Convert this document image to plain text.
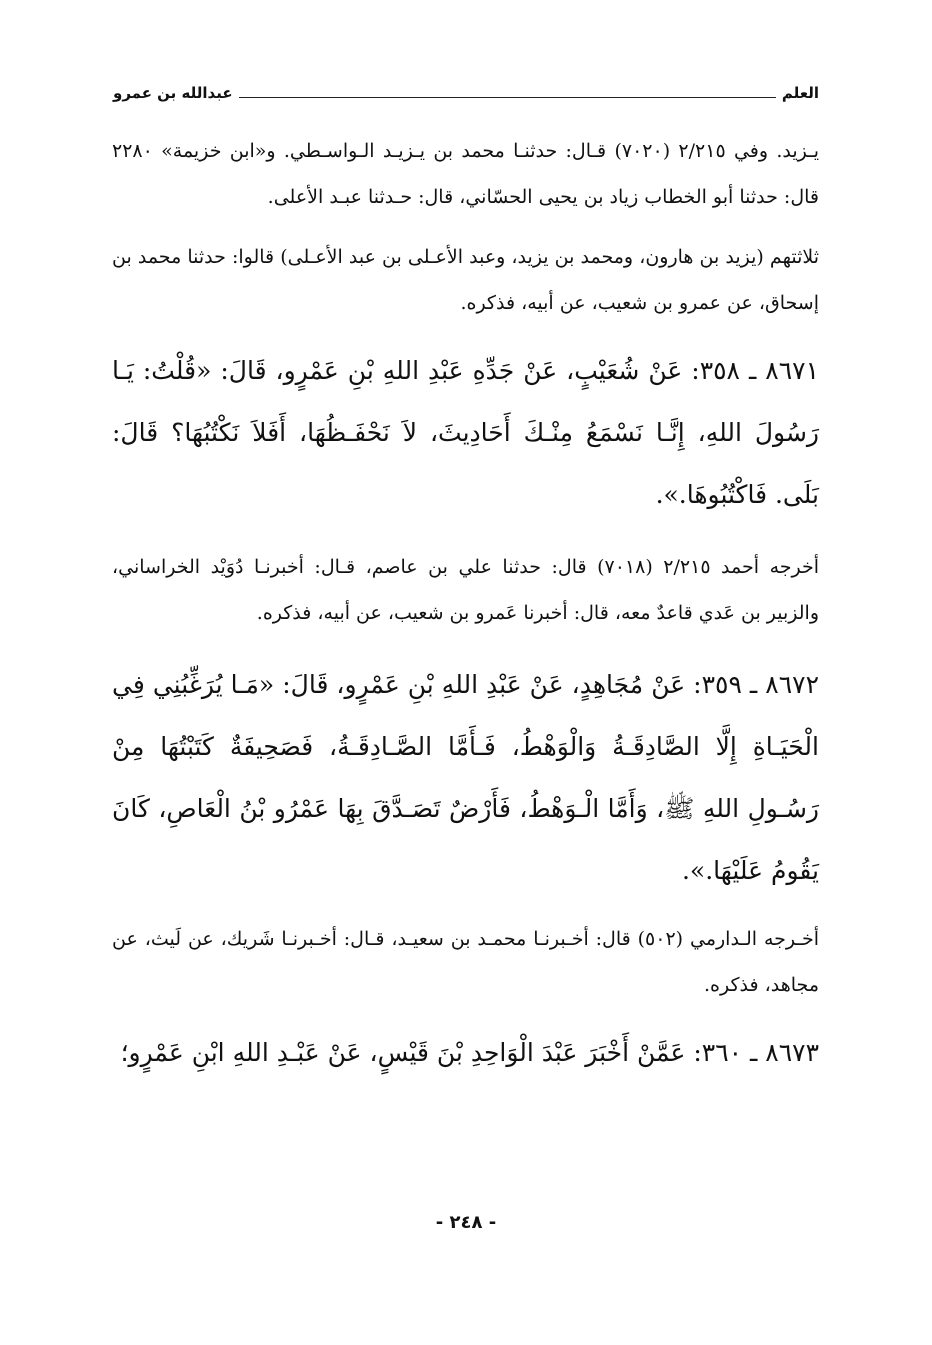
العلم
عبدالله بن عمرو

يـزيد. وفي ٢/٢١٥ (٧٠٢٠) قـال: حدثنـا محمد بن يـزيـد الـواسـطي. و«ابن خزيمة» ٢٢٨٠ قال: حدثنا أبو الخطاب زياد بن يحيى الحسّاني، قال: حـدثنا عبـد الأعلى.

ثلاثتهم (يزيد بن هارون، ومحمد بن يزيد، وعبد الأعـلى بن عبد الأعـلى) قالوا: حدثنا محمد بن إسحاق، عن عمرو بن شعيب، عن أبيه، فذكره.

٨٦٧١ ـ ٣٥٨: عَنْ شُعَيْبٍ، عَنْ جَدِّهِ عَبْدِ اللهِ بْنِ عَمْرٍو، قَالَ: «قُلْتُ: يَـا رَسُولَ اللهِ، إِنَّـا نَسْمَعُ مِنْـكَ أَحَادِيثَ، لاَ نَحْفَـظُهَا، أَفَلاَ نَكْتُبُهَا؟ قَالَ: بَلَى. فَاكْتُبُوهَا.».

أخرجه أحمد ٢/٢١٥ (٧٠١٨) قال: حدثنا علي بن عاصم، قـال: أخبرنـا دُوَيْد الخراساني، والزبير بن عَدي قاعدٌ معه، قال: أخبرنا عَمرو بن شعيب، عن أبيه، فذكره.

٨٦٧٢ ـ ٣٥٩: عَنْ مُجَاهِدٍ، عَنْ عَبْدِ اللهِ بْنِ عَمْرٍو، قَالَ: «مَـا يُرَغِّبُنِي فِي الْحَيَـاةِ إِلَّا الصَّادِقَـةُ وَالْوَهْطُ، فَـأَمَّا الصَّـادِقَـةُ، فَصَحِيفَةٌ كَتَبْتُهَا مِنْ رَسُـولِ اللهِ ﷺ، وَأَمَّا الْـوَهْطُ، فَأَرْضٌ تَصَـدَّقَ بِهَا عَمْرُو بْنُ الْعَاصِ، كَانَ يَقُومُ عَلَيْهَا.».

أخـرجه الـدارمي (٥٠٢) قال: أخـبرنـا محمـد بن سعيـد، قـال: أخـبرنـا شَريك، عن لَيث، عن مجاهد، فذكره.

٨٦٧٣ ـ ٣٦٠: عَمَّنْ أَخْبَرَ عَبْدَ الْوَاحِدِ بْنَ قَيْسٍ، عَنْ عَبْـدِ اللهِ ابْنِ عَمْرٍو؛

- ٢٤٨ -
